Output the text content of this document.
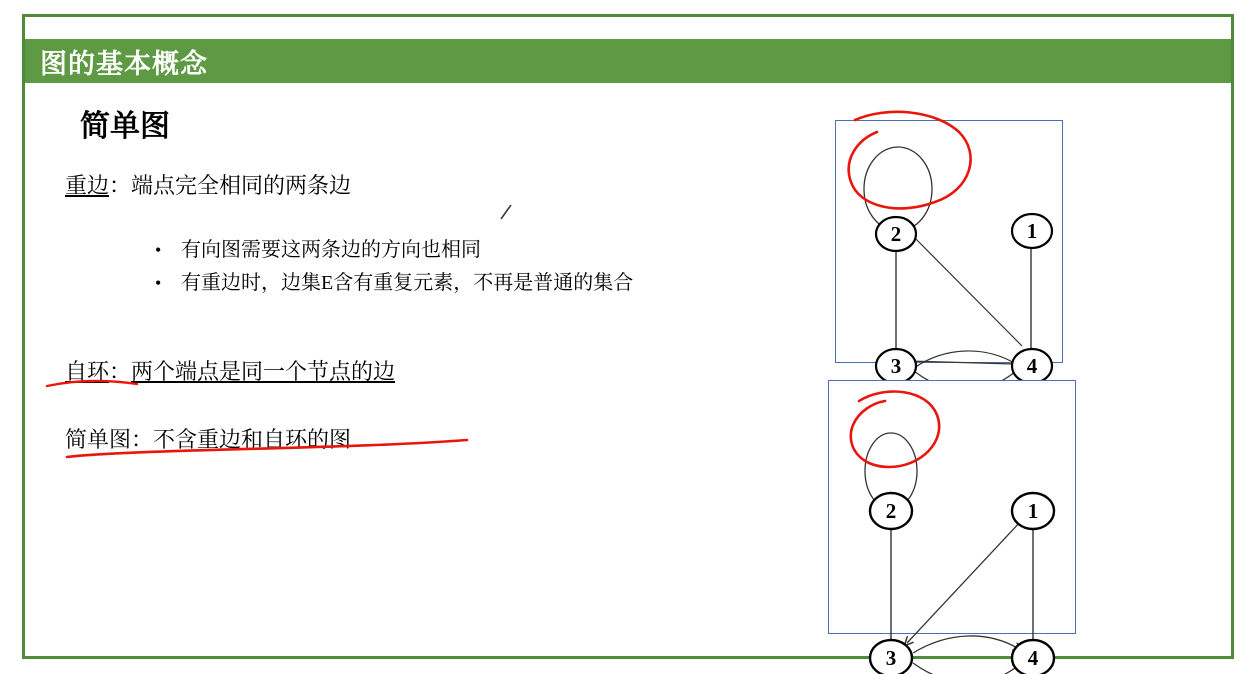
图的基本概念
简单图
重边：端点完全相同的两条边
• 有向图需要这两条边的方向也相同
• 有重边时，边集E含有重复元素，不再是普通的集合
自环：两个端点是同一个节点的边
简单图：不含重边和自环的图
2	1
3	4
2	1
3	4
